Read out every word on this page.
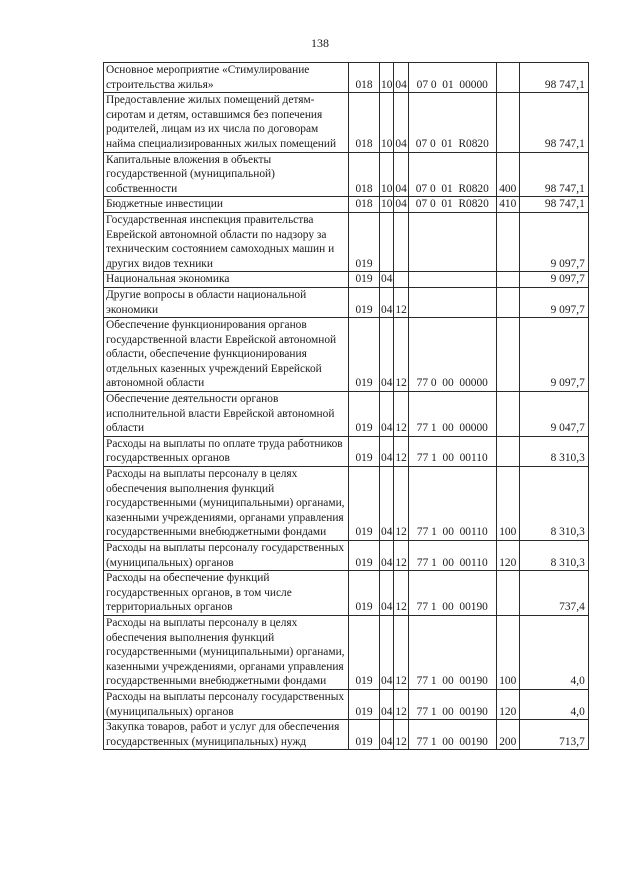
138
Основное мероприятие «Стимулирование строительства жилья»	018	10	04	07 0  01  00000		98 747,1
Предоставление жилых помещений детям-сиротам и детям, оставшимся без попечения родителей, лицам из их числа по договорам найма специализированных жилых помещений	018	10	04	07 0  01  R0820		98 747,1
Капитальные вложения в объекты государственной (муниципальной) собственности	018	10	04	07 0  01  R0820	400	98 747,1
Бюджетные инвестиции	018	10	04	07 0  01  R0820	410	98 747,1
Государственная инспекция правительства Еврейской автономной области по надзору за техническим состоянием самоходных машин и других видов техники	019					9 097,7
Национальная экономика	019	04				9 097,7
Другие вопросы в области национальной экономики	019	04	12			9 097,7
Обеспечение функционирования органов государственной власти Еврейской автономной области, обеспечение функционирования отдельных казенных учреждений Еврейской автономной области	019	04	12	77 0  00  00000		9 097,7
Обеспечение деятельности органов исполнительной власти Еврейской автономной области	019	04	12	77 1  00  00000		9 047,7
Расходы на выплаты по оплате труда работников государственных органов	019	04	12	77 1  00  00110		8 310,3
Расходы на выплаты персоналу в целях обеспечения выполнения функций государственными (муниципальными) органами, казенными учреждениями, органами управления государственными внебюджетными фондами	019	04	12	77 1  00  00110	100	8 310,3
Расходы на выплаты персоналу государственных (муниципальных) органов	019	04	12	77 1  00  00110	120	8 310,3
Расходы на обеспечение функций государственных органов, в том числе территориальных органов	019	04	12	77 1  00  00190		737,4
Расходы на выплаты персоналу в целях обеспечения выполнения функций государственными (муниципальными) органами, казенными учреждениями, органами управления государственными внебюджетными фондами	019	04	12	77 1  00  00190	100	4,0
Расходы на выплаты персоналу государственных (муниципальных) органов	019	04	12	77 1  00  00190	120	4,0
Закупка товаров, работ и услуг для обеспечения государственных (муниципальных) нужд	019	04	12	77 1  00  00190	200	713,7
